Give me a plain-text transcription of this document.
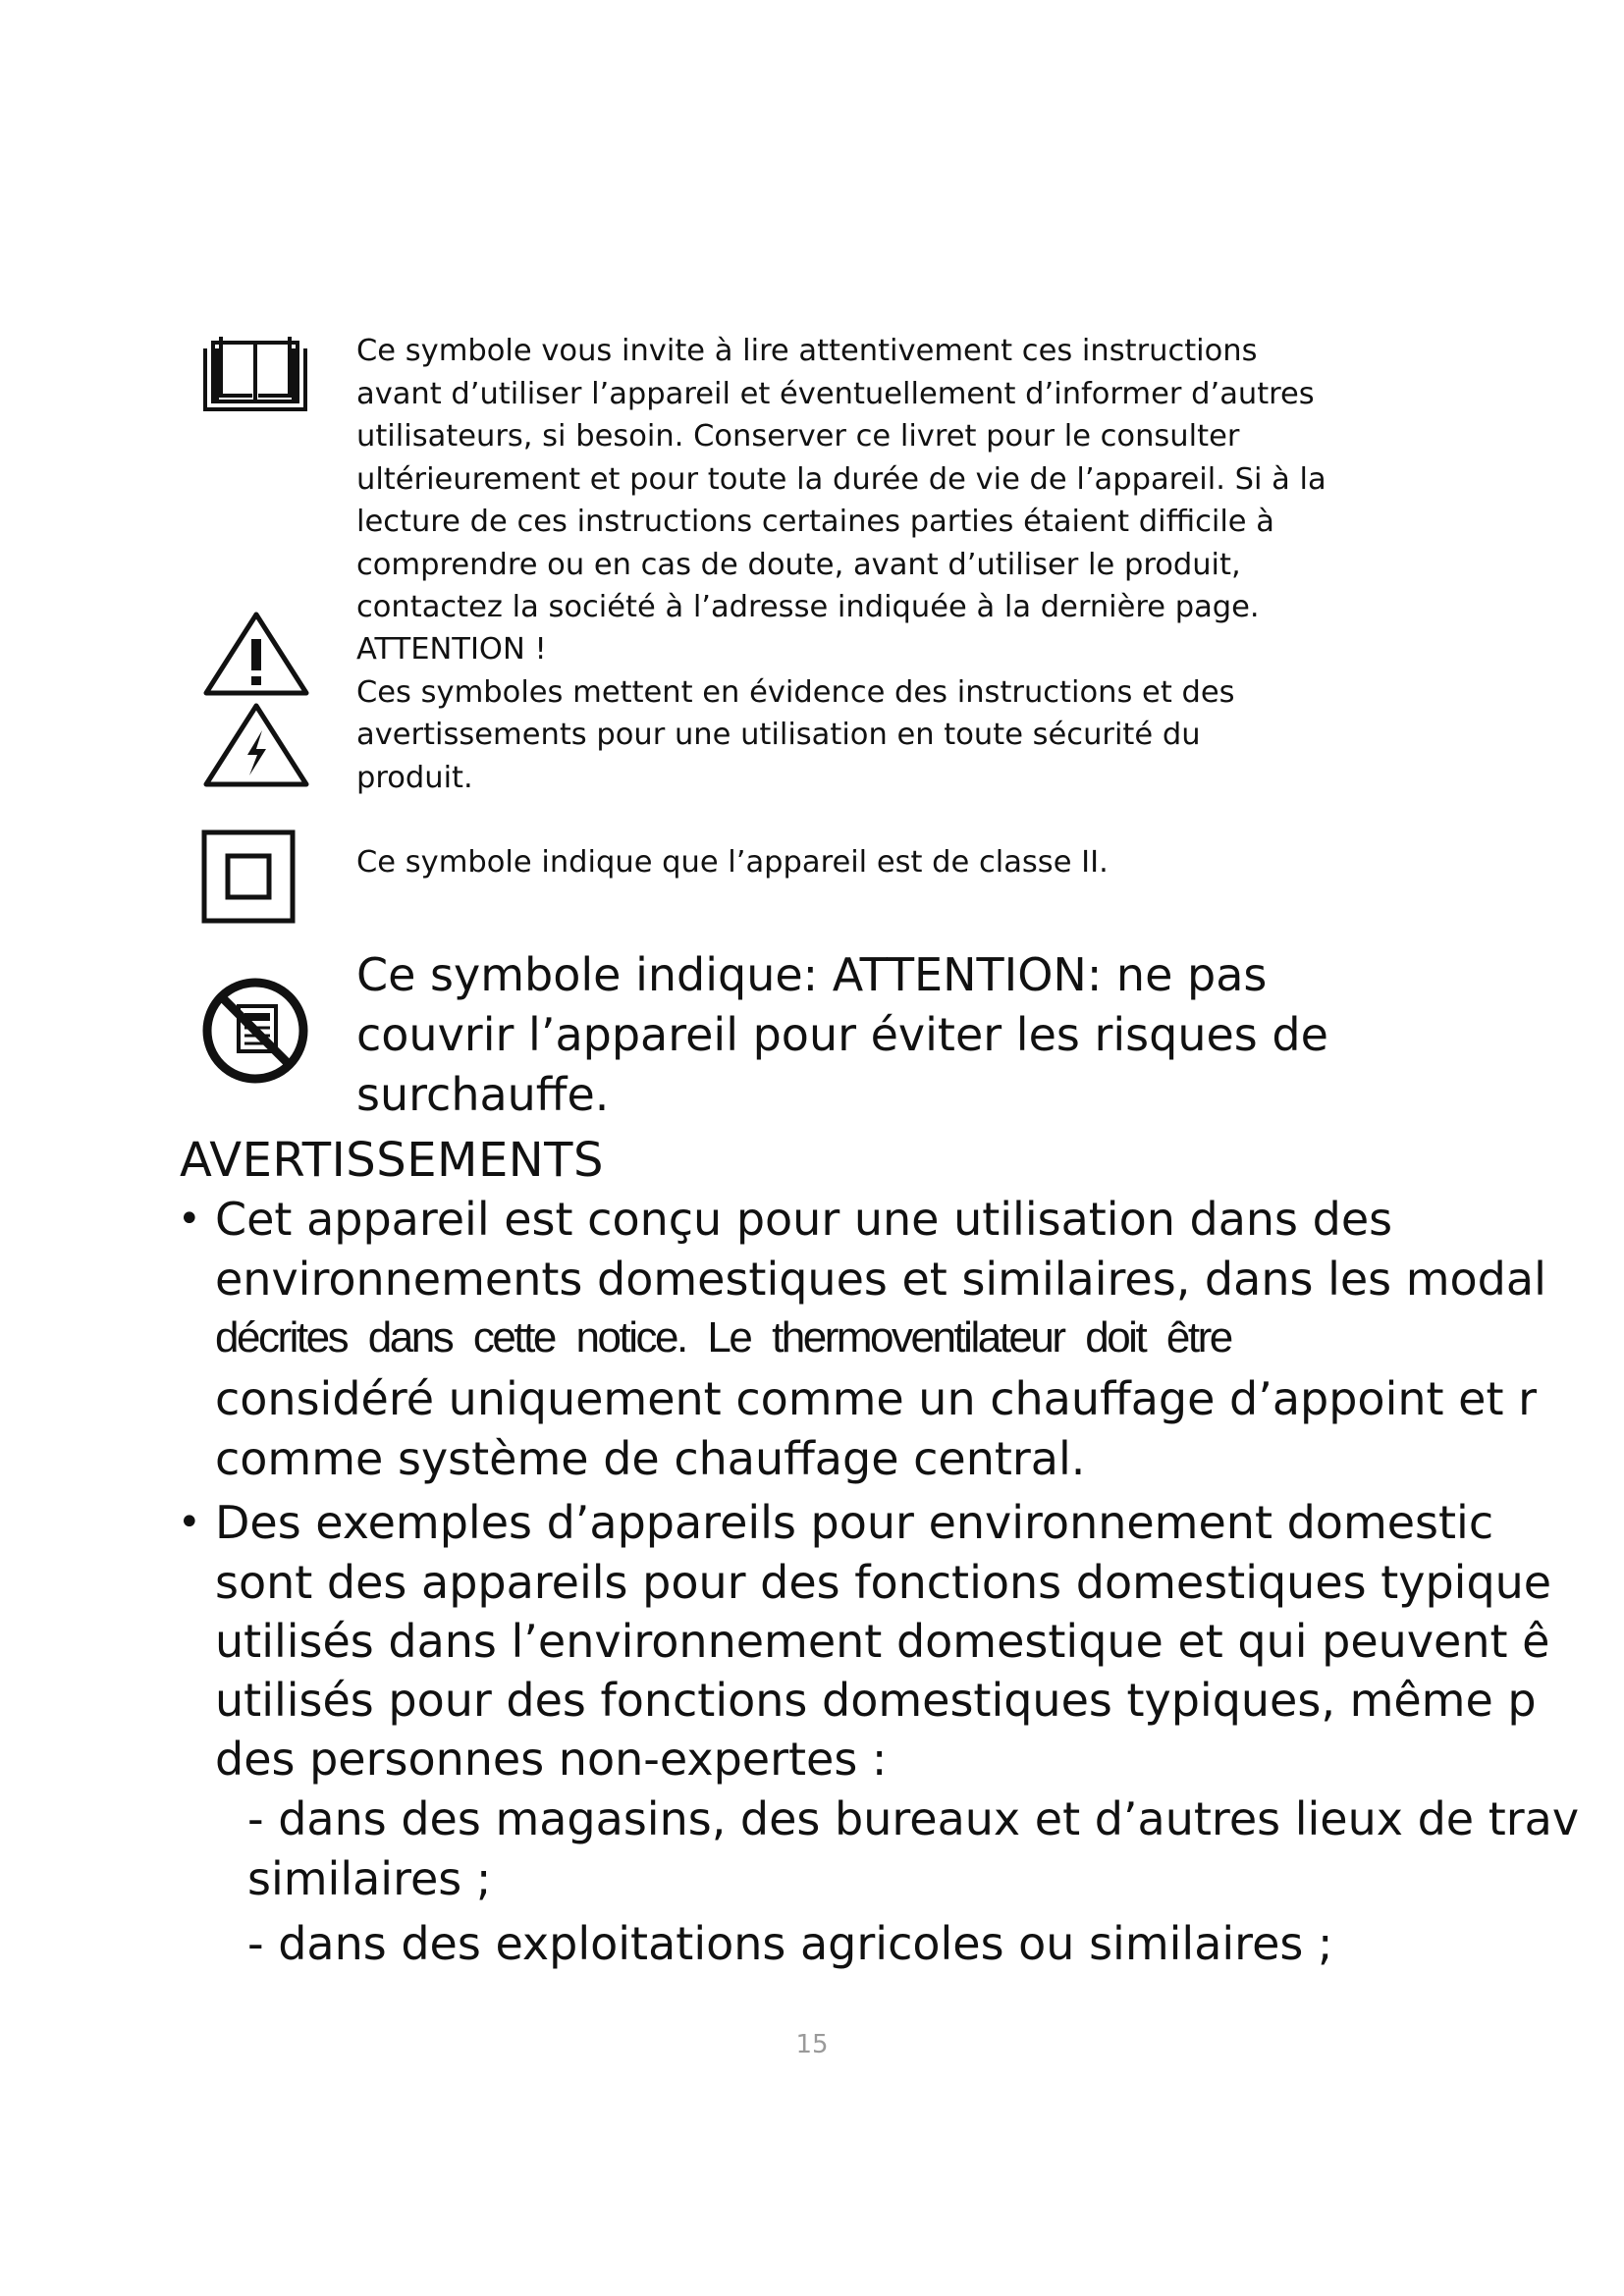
Ce symbole vous invite à lire attentivement ces instructions
avant d’utiliser l’appareil et éventuellement d’informer d’autres
utilisateurs, si besoin. Conserver ce livret pour le consulter
ultérieurement et pour toute la durée de vie de l’appareil. Si à la
lecture de ces instructions certaines parties étaient difficile à
comprendre ou en cas de doute, avant d’utiliser le produit,
contactez la société à l’adresse indiquée à la dernière page.

ATTENTION !
Ces symboles mettent en évidence des instructions et des
avertissements pour une utilisation en toute sécurité du
produit.

Ce symbole indique que l’appareil est de classe II.

Ce symbole indique: ATTENTION: ne pas

couvrir l’appareil pour éviter les risques de

surchauffe.

AVERTISSEMENTS
• Cet appareil est conçu pour une utilisation dans des

environnements domestiques et similaires, dans les modal

décrites dans cette notice. Le thermoventilateur doit être

considéré uniquement comme un chauffage d’appoint et r

comme système de chauffage central.

• Des exemples d’appareils pour environnement domestic

sont des appareils pour des fonctions domestiques typique

utilisés dans l’environnement domestique et qui peuvent ê

utilisés pour des fonctions domestiques typiques, même p

des personnes non-expertes :

- dans des magasins, des bureaux et d’autres lieux de trav

similaires ;

- dans des exploitations agricoles ou similaires ;

15
